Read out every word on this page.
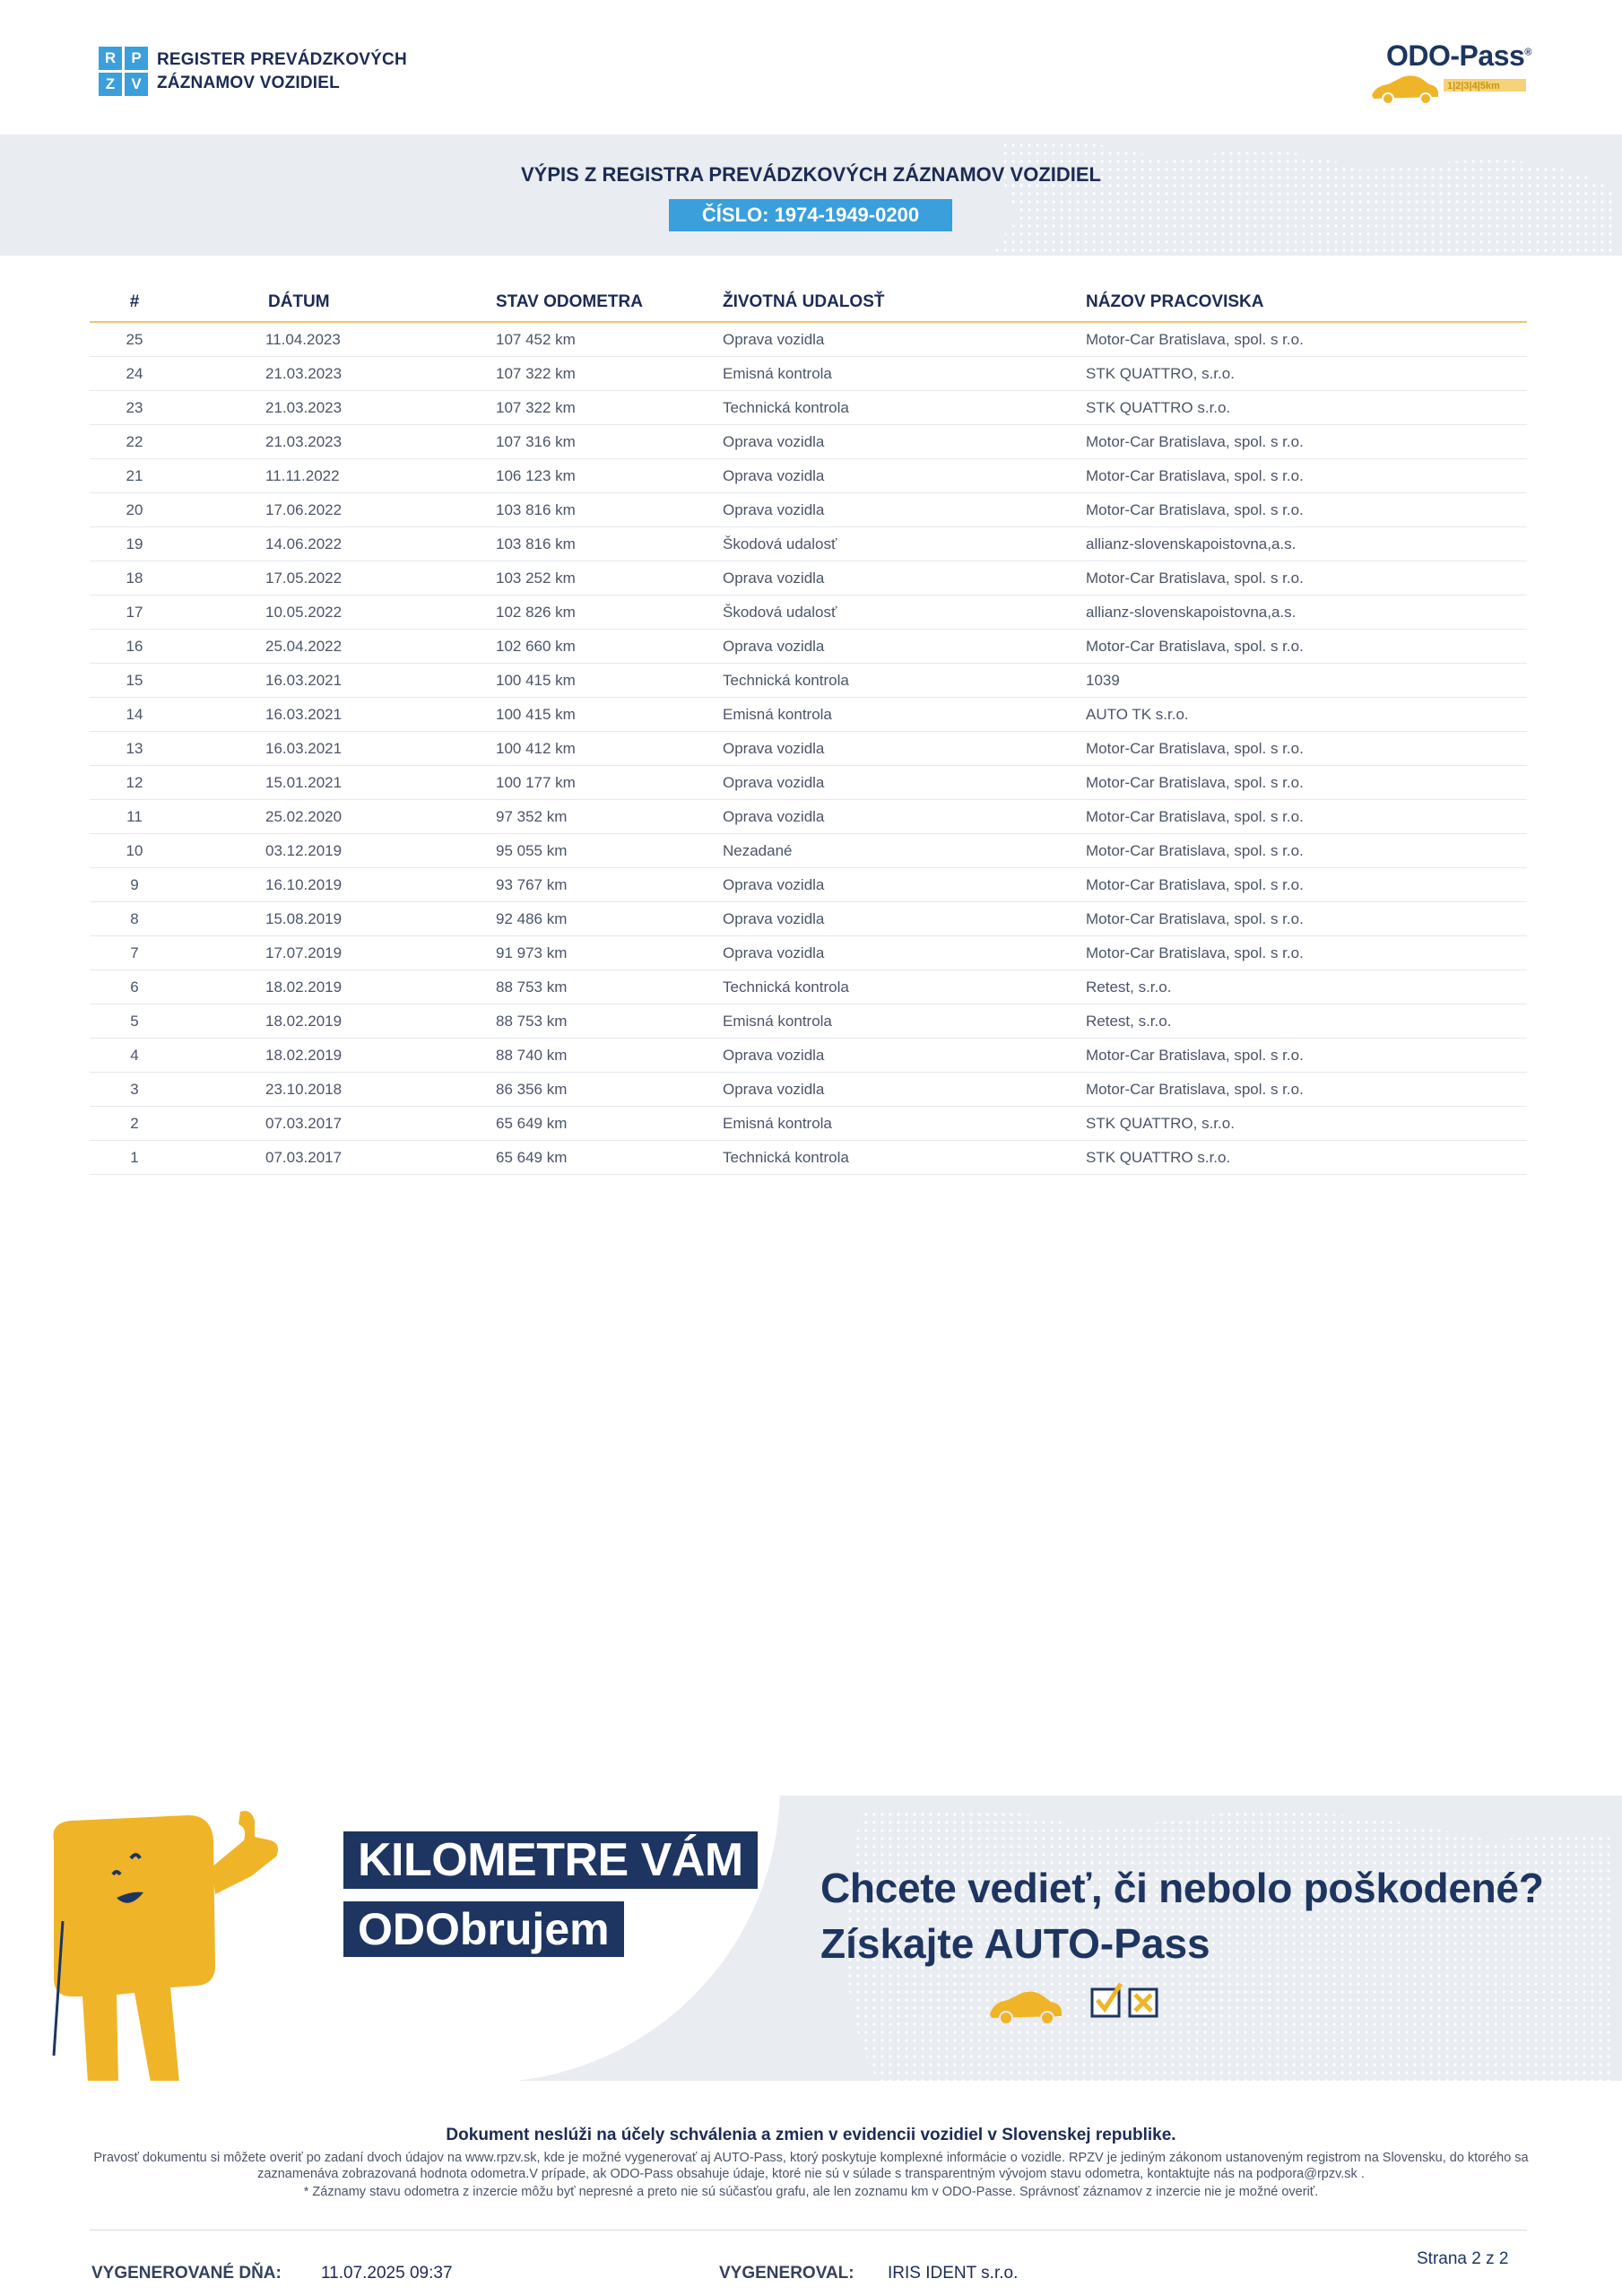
R	P
Z	V
REGISTER PREVÁDZKOVÝCH
ZÁZNAMOV VOZIDIEL
ODO-Pass®
1|2|3|4|5km
VÝPIS Z REGISTRA PREVÁDZKOVÝCH ZÁZNAMOV VOZIDIEL
ČÍSLO: 1974-1949-0200
#	DÁTUM	STAV ODOMETRA	ŽIVOTNÁ UDALOSŤ	NÁZOV PRACOVISKA
25	11.04.2023	107 452 km	Oprava vozidla	Motor-Car Bratislava, spol. s r.o.
24	21.03.2023	107 322 km	Emisná kontrola	STK QUATTRO, s.r.o.
23	21.03.2023	107 322 km	Technická kontrola	STK QUATTRO s.r.o.
22	21.03.2023	107 316 km	Oprava vozidla	Motor-Car Bratislava, spol. s r.o.
21	11.11.2022	106 123 km	Oprava vozidla	Motor-Car Bratislava, spol. s r.o.
20	17.06.2022	103 816 km	Oprava vozidla	Motor-Car Bratislava, spol. s r.o.
19	14.06.2022	103 816 km	Škodová udalosť	allianz-slovenskapoistovna,a.s.
18	17.05.2022	103 252 km	Oprava vozidla	Motor-Car Bratislava, spol. s r.o.
17	10.05.2022	102 826 km	Škodová udalosť	allianz-slovenskapoistovna,a.s.
16	25.04.2022	102 660 km	Oprava vozidla	Motor-Car Bratislava, spol. s r.o.
15	16.03.2021	100 415 km	Technická kontrola	1039
14	16.03.2021	100 415 km	Emisná kontrola	AUTO TK s.r.o.
13	16.03.2021	100 412 km	Oprava vozidla	Motor-Car Bratislava, spol. s r.o.
12	15.01.2021	100 177 km	Oprava vozidla	Motor-Car Bratislava, spol. s r.o.
11	25.02.2020	97 352 km	Oprava vozidla	Motor-Car Bratislava, spol. s r.o.
10	03.12.2019	95 055 km	Nezadané	Motor-Car Bratislava, spol. s r.o.
9	16.10.2019	93 767 km	Oprava vozidla	Motor-Car Bratislava, spol. s r.o.
8	15.08.2019	92 486 km	Oprava vozidla	Motor-Car Bratislava, spol. s r.o.
7	17.07.2019	91 973 km	Oprava vozidla	Motor-Car Bratislava, spol. s r.o.
6	18.02.2019	88 753 km	Technická kontrola	Retest, s.r.o.
5	18.02.2019	88 753 km	Emisná kontrola	Retest, s.r.o.
4	18.02.2019	88 740 km	Oprava vozidla	Motor-Car Bratislava, spol. s r.o.
3	23.10.2018	86 356 km	Oprava vozidla	Motor-Car Bratislava, spol. s r.o.
2	07.03.2017	65 649 km	Emisná kontrola	STK QUATTRO, s.r.o.
1	07.03.2017	65 649 km	Technická kontrola	STK QUATTRO s.r.o.
KILOMETRE VÁM
ODObrujem
Chcete vedieť, či nebolo poškodené?
Získajte AUTO-Pass
Dokument neslúži na účely schválenia a zmien v evidencii vozidiel v Slovenskej republike.
Pravosť dokumentu si môžete overiť po zadaní dvoch údajov na www.rpzv.sk, kde je možné vygenerovať aj AUTO-Pass, ktorý poskytuje komplexné informácie o vozidle. RPZV je jediným zákonom ustanoveným registrom na Slovensku, do ktorého sa zaznamenáva zobrazovaná hodnota odometra.V prípade, ak ODO-Pass obsahuje údaje, ktoré nie sú v súlade s transparentným vývojom stavu odometra, kontaktujte nás na podpora@rpzv.sk .
* Záznamy stavu odometra z inzercie môžu byť nepresné a preto nie sú súčasťou grafu, ale len zoznamu km v ODO-Passe. Správnosť záznamov z inzercie nie je možné overiť.
VYGENEROVANÉ DŇA: 11.07.2025 09:37	VYGENEROVAL: IRIS IDENT s.r.o.
Strana 2 z 2
